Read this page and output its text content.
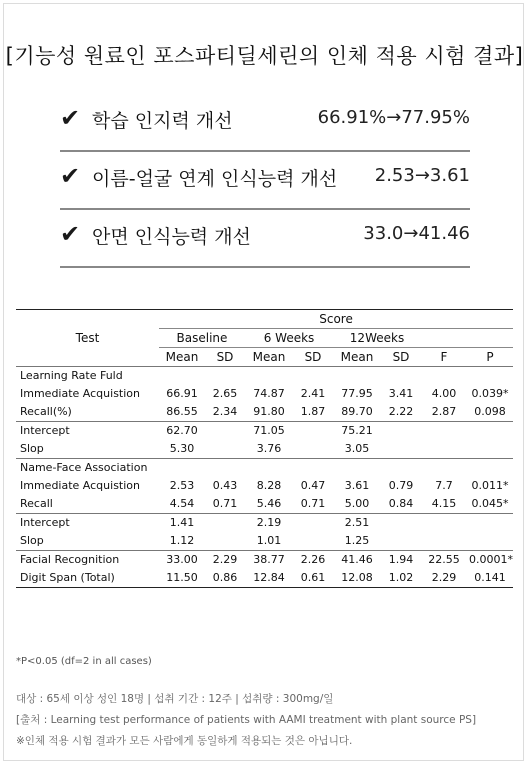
[기능성 원료인 포스파티딜세린의 인체 적용 시험 결과]
✔ 학습 인지력 개선	66.91%→77.95%
✔ 이름-얼굴 연계 인식능력 개선 2.53→3.61
✔ 안면 인식능력 개선	33.0→41.46
Test	Score							
	Baseline		6 Weeks		12Weeks			
	Mean	SD	Mean	SD	Mean	SD	F	P
Learning Rate Fuld								
Immediate Acquistion	66.91	2.65	74.87	2.41	77.95	3.41	4.00	0.039*
Recall(%)	86.55	2.34	91.80	1.87	89.70	2.22	2.87	0.098
Intercept	62.70		71.05		75.21			
Slop	5.30		3.76		3.05			
Name-Face Association								
Immediate Acquistion	2.53	0.43	8.28	0.47	3.61	0.79	7.7	0.011*
Recall	4.54	0.71	5.46	0.71	5.00	0.84	4.15	0.045*
Intercept	1.41		2.19		2.51			
Slop	1.12		1.01		1.25			
Facial Recognition	33.00	2.29	38.77	2.26	41.46	1.94	22.55	0.0001*
Digit Span (Total)	11.50	0.86	12.84	0.61	12.08	1.02	2.29	0.141
*P<0.05 (df=2 in all cases)
대상 : 65세 이상 성인 18명 | 섭취 기간 : 12주 | 섭취량 : 300mg/일
[출처 : Learning test performance of patients with AAMI treatment with plant source PS]
※인체 적용 시험 결과가 모든 사람에게 동일하게 적용되는 것은 아닙니다.
